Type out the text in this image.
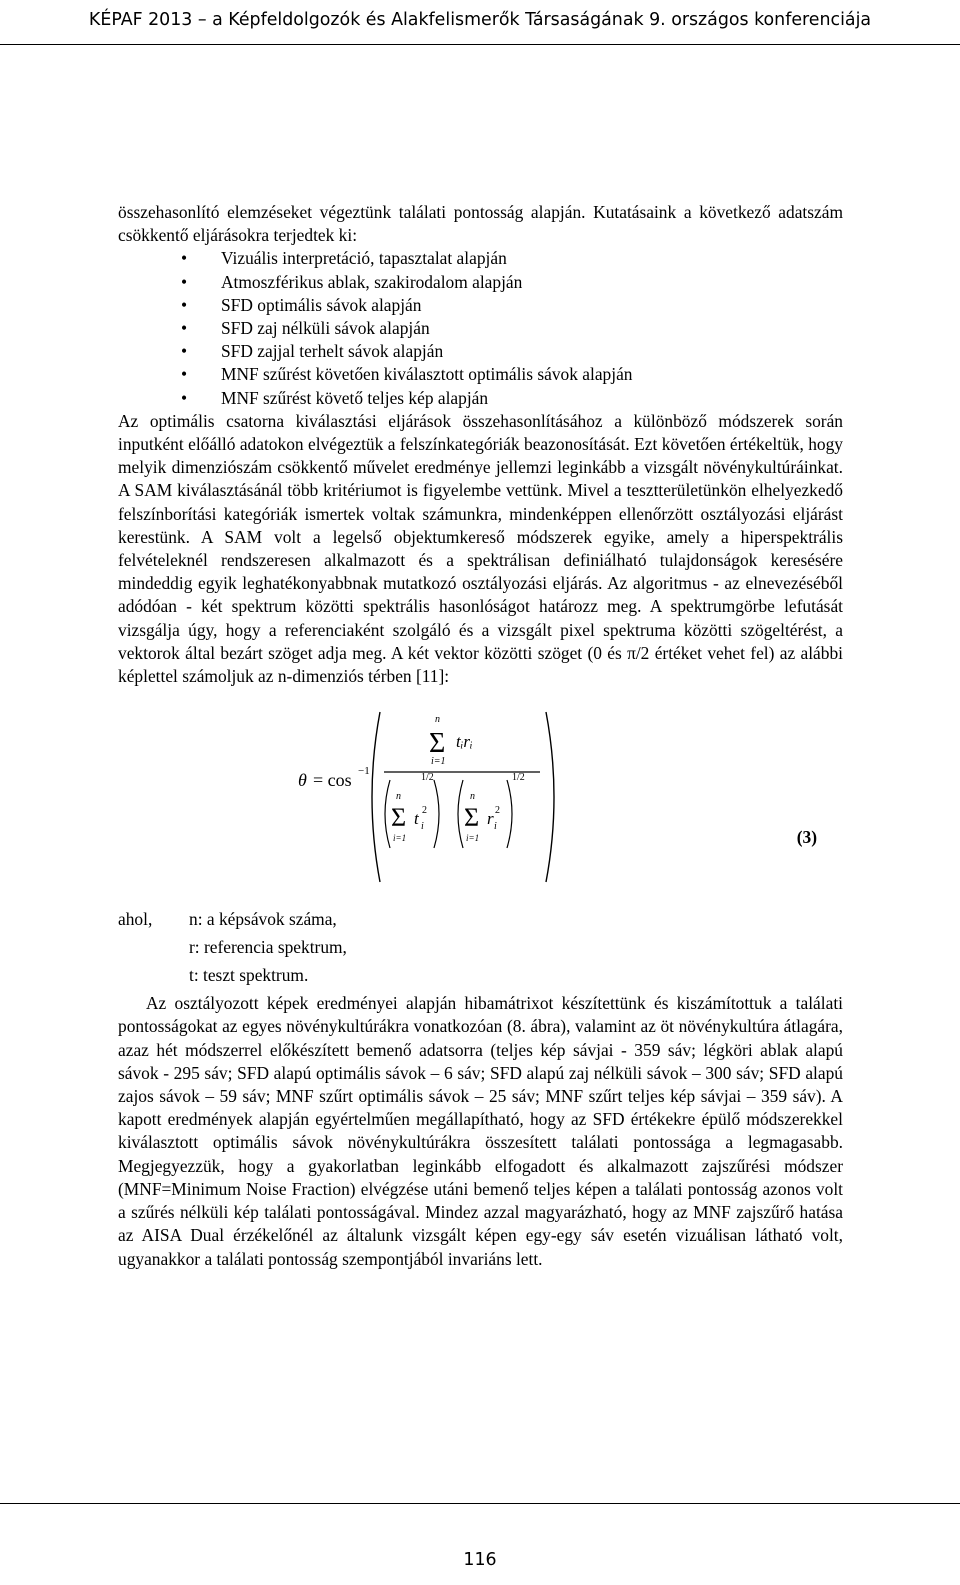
KÉPAF 2013 – a Képfeldolgozók és Alakfelismerők Társaságának 9. országos konferenciája

összehasonlító elemzéseket végeztünk találati pontosság alapján. Kutatásaink a következő adatszám csökkentő eljárásokra terjedtek ki:

• Vizuális interpretáció, tapasztalat alapján
• Atmoszférikus ablak, szakirodalom alapján
• SFD optimális sávok alapján
• SFD zaj nélküli sávok alapján
• SFD zajjal terhelt sávok alapján
• MNF szűrést követően kiválasztott optimális sávok alapján
• MNF szűrést követő teljes kép alapján

Az optimális csatorna kiválasztási eljárások összehasonlításához a különböző módszerek során inputként előálló adatokon elvégeztük a felszínkategóriák beazonosítását. Ezt követően értékeltük, hogy melyik dimenziószám csökkentő művelet eredménye jellemzi leginkább a vizsgált növénykultúráinkat. A SAM kiválasztásánál több kritériumot is figyelembe vettünk. Mivel a tesztterületünkön elhelyezkedő felszínborítási kategóriák ismertek voltak számunkra, mindenképpen ellenőrzött osztályozási eljárást kerestünk. A SAM volt a legelső objektumkereső módszerek egyike, amely a hiperspektrális felvételeknél rendszeresen alkalmazott és a spektrálisan definiálható tulajdonságok keresésére mindeddig egyik leghatékonyabbnak mutatkozó osztályozási eljárás. Az algoritmus - az elnevezéséből adódóan - két spektrum közötti spektrális hasonlóságot határozz meg. A spektrumgörbe lefutását vizsgálja úgy, hogy a referenciaként szolgáló és a vizsgált pixel spektruma közötti szögeltérést, a vektorok által bezárt szöget adja meg. A két vektor közötti szöget (0 és π/2 értéket vehet fel) az alábbi képlettel számoljuk az n-dimenziós térben [11]:

θ = cos −1
n
Σ
i=1
tᵢrᵢ
1/2
n
Σ
i=1
t 2
i
1/2
n
Σ
i=1
r 2
i
(3)
ahol, n: a képsávok száma,
r: referencia spektrum,
t: teszt spektrum.

Az osztályozott képek eredményei alapján hibamátrixot készítettünk és kiszámítottuk a találati pontosságokat az egyes növénykultúrákra vonatkozóan (8. ábra), valamint az öt növénykultúra átlagára, azaz hét módszerrel előkészített bemenő adatsorra (teljes kép sávjai - 359 sáv; légköri ablak alapú sávok - 295 sáv; SFD alapú optimális sávok – 6 sáv; SFD alapú zaj nélküli sávok – 300 sáv; SFD alapú zajos sávok – 59 sáv; MNF szűrt optimális sávok – 25 sáv; MNF szűrt teljes kép sávjai – 359 sáv). A kapott eredmények alapján egyértelműen megállapítható, hogy az SFD értékekre épülő módszerekkel kiválasztott optimális sávok növénykultúrákra összesített találati pontossága a legmagasabb. Megjegyezzük, hogy a gyakorlatban leginkább elfogadott és alkalmazott zajszűrési módszer (MNF=Minimum Noise Fraction) elvégzése utáni bemenő teljes képen a találati pontosság azonos volt a szűrés nélküli kép találati pontosságával. Mindez azzal magyarázható, hogy az MNF zajszűrő hatása az AISA Dual érzékelőnél az általunk vizsgált képen egy-egy sáv esetén vizuálisan látható volt, ugyanakkor a találati pontosság szempontjából invariáns lett.

116
